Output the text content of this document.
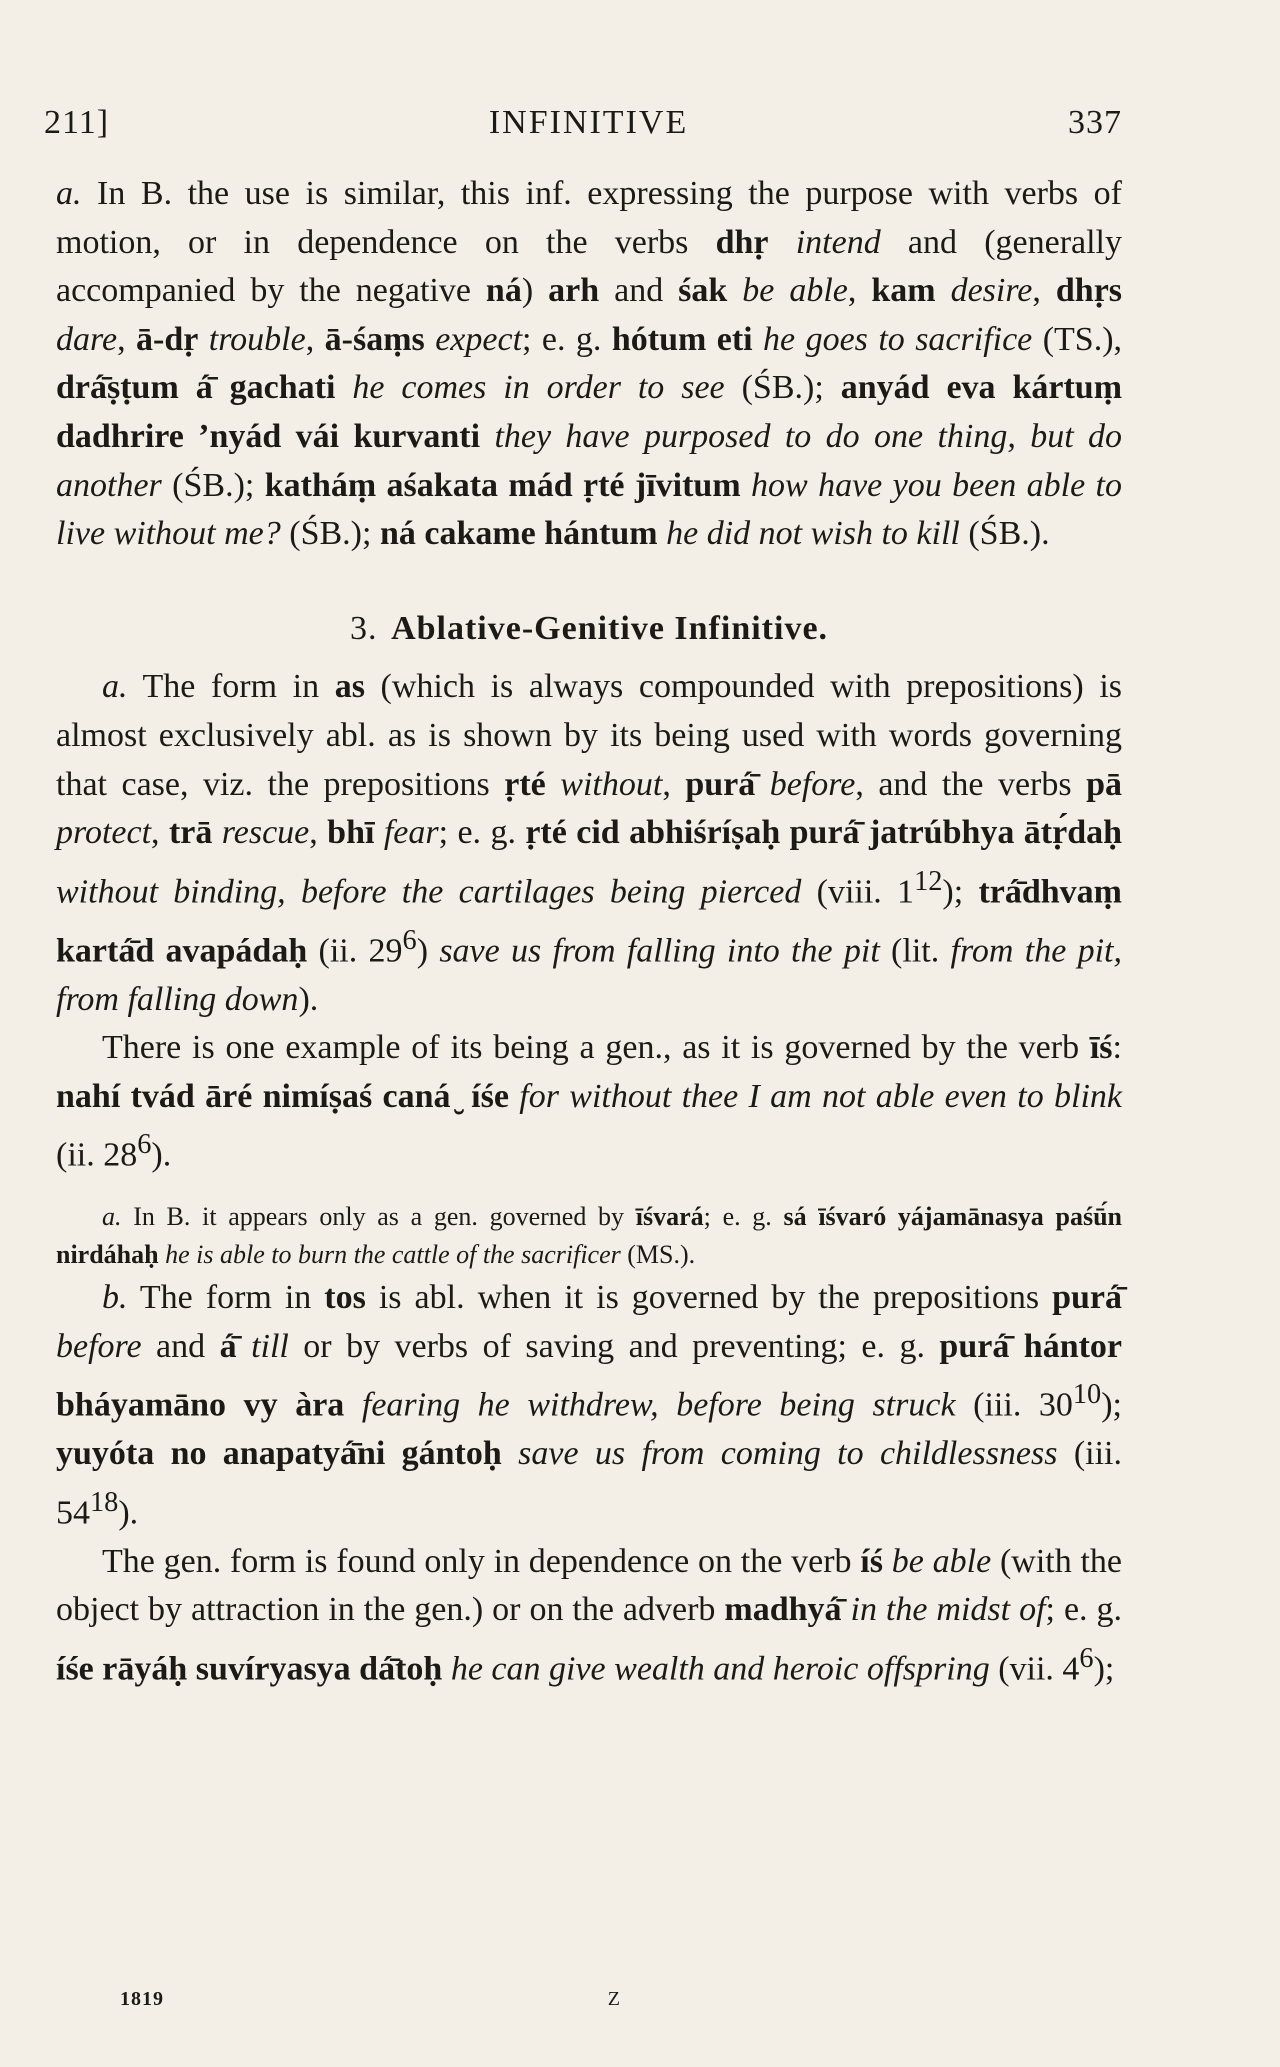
211]	INFINITIVE	337

a. In B. the use is similar, this inf. expressing the purpose with verbs of motion, or in dependence on the verbs dhṛ intend and (generally accompanied by the negative ná) arh and śak be able, kam desire, dhṛs dare, ā-dṛ trouble, ā-śaṃs expect; e. g. hótum eti he goes to sacrifice (TS.), drá̄ṣṭum á̄ gachati he comes in order to see (ŚB.); anyád eva kártuṃ dadhrire ’nyád vái kurvanti they have purposed to do one thing, but do another (ŚB.); katháṃ aśakata mád ṛté jīvitum how have you been able to live without me? (ŚB.); ná cakame hántum he did not wish to kill (ŚB.).

3. Ablative-Genitive Infinitive.

a. The form in as (which is always compounded with prepositions) is almost exclusively abl. as is shown by its being used with words governing that case, viz. the prepositions ṛté without, purá̄ before, and the verbs pā protect, trā rescue, bhī fear; e. g. ṛté cid abhiśríṣaḥ purá̄ jatrúbhya ātṛ́daḥ without binding, before the cartilages being pierced (viii. $1^{12}$); trá̄dhvaṃ kartá̄d avapádaḥ (ii. $29^6$) save us from falling into the pit (lit. from the pit, from falling down).

There is one example of its being a gen., as it is governed by the verb īś: nahí tvád āré nimíṣaś caná ̮ íśe for without thee I am not able even to blink (ii. $28^6$).

a. In B. it appears only as a gen. governed by īśvará; e. g. sá īśvaró yájamānasya paśū́n nirdáhaḥ he is able to burn the cattle of the sacrificer (MS.).

b. The form in tos is abl. when it is governed by the prepositions purá̄ before and á̄ till or by verbs of saving and preventing; e. g. purá̄ hántor bháyamāno vy àra fearing he withdrew, before being struck (iii. $30^{10}$); yuyóta no anapatyá̄ni gántoḥ save us from coming to childlessness (iii. $54^{18}$).

The gen. form is found only in dependence on the verb íś be able (with the object by attraction in the gen.) or on the adverb madhyá̄ in the midst of; e. g. íśe rāyáḥ suvíryasya dá̄toḥ he can give wealth and heroic offspring (vii. $4^6$);

1819	Z
